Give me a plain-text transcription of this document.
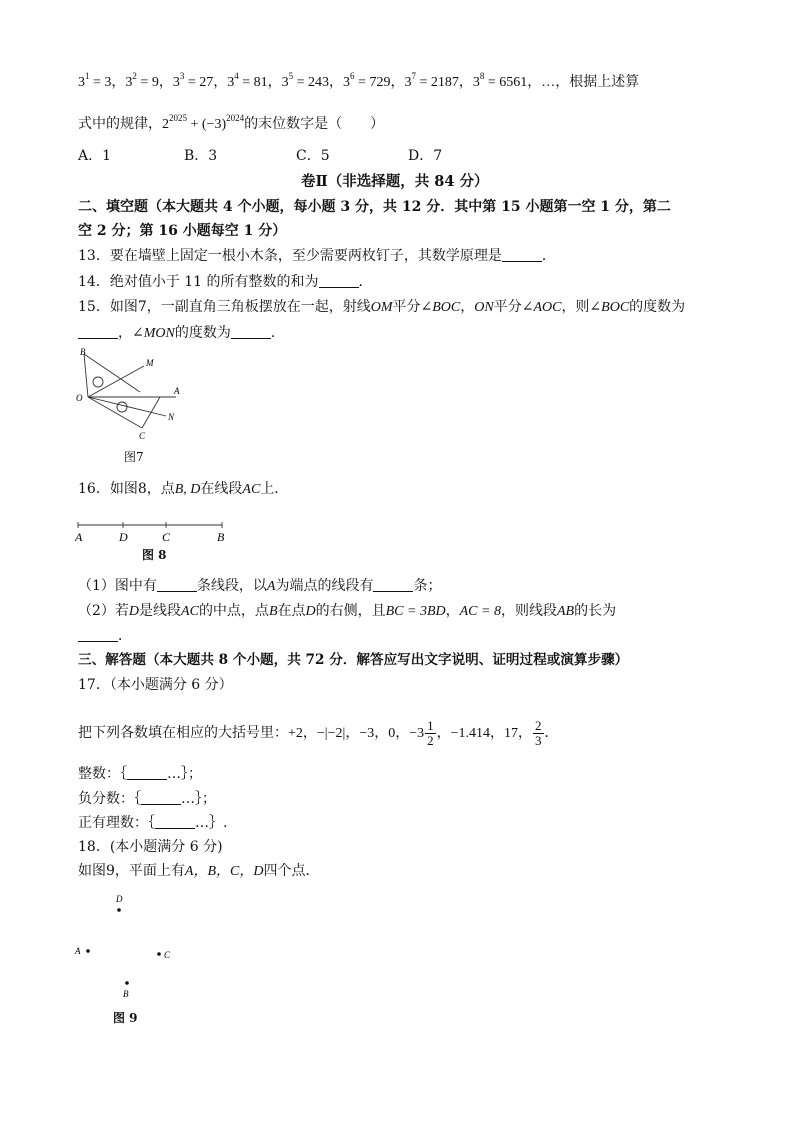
$3^1 = 3$，$3^2 = 9$，$3^3 = 27$，$3^4 = 81$，$3^5 = 243$，$3^6 = 729$，$3^7 = 2187$，$3^8 = 6561$，…，根据上述算
式中的规律，$2^{2025} + (-3)^{2024}$的末位数字是（　　）
A．1	B．3	C．5	D．7
卷Ⅱ（非选择题，共 84 分）
二、填空题（本大题共 4 个小题，每小题 3 分，共 12 分．其中第 15 小题第一空 1 分，第二
空 2 分；第 16 小题每空 1 分）
13．要在墙壁上固定一根小木条，至少需要两枚钉子，其数学原理是	．
14．绝对值小于 11 的所有整数的和为	．
15．如图7，一副直角三角板摆放在一起，射线OM平分∠BOC，ON平分∠AOC，则∠BOC的度数为
，∠MON的度数为	．
B
M
A
O
N
C
图7
16．如图8，点B, D在线段AC上．
A	D	C	B
图 8
（1）图中有	条线段，以A为端点的线段有	条；
（2）若D是线段AC的中点，点B在点D的右侧，且BC = 3BD，AC = 8，则线段AB的长为
．
三、解答题（本大题共 8 个小题，共 72 分．解答应写出文字说明、证明过程或演算步骤）
17．（本小题满分 6 分）
把下列各数填在相应的大括号里：+2，−|−2|，−3，0，$-3 \frac{1}{2}$ ，−1.414，17， $\frac{2}{3}$ ．
整数：｛	…｝；
负分数：｛	…｝；
正有理数：｛	…｝.
18．(本小题满分 6 分)
如图9，平面上有A，B，C，D四个点．
D
A	C
B
图 9
